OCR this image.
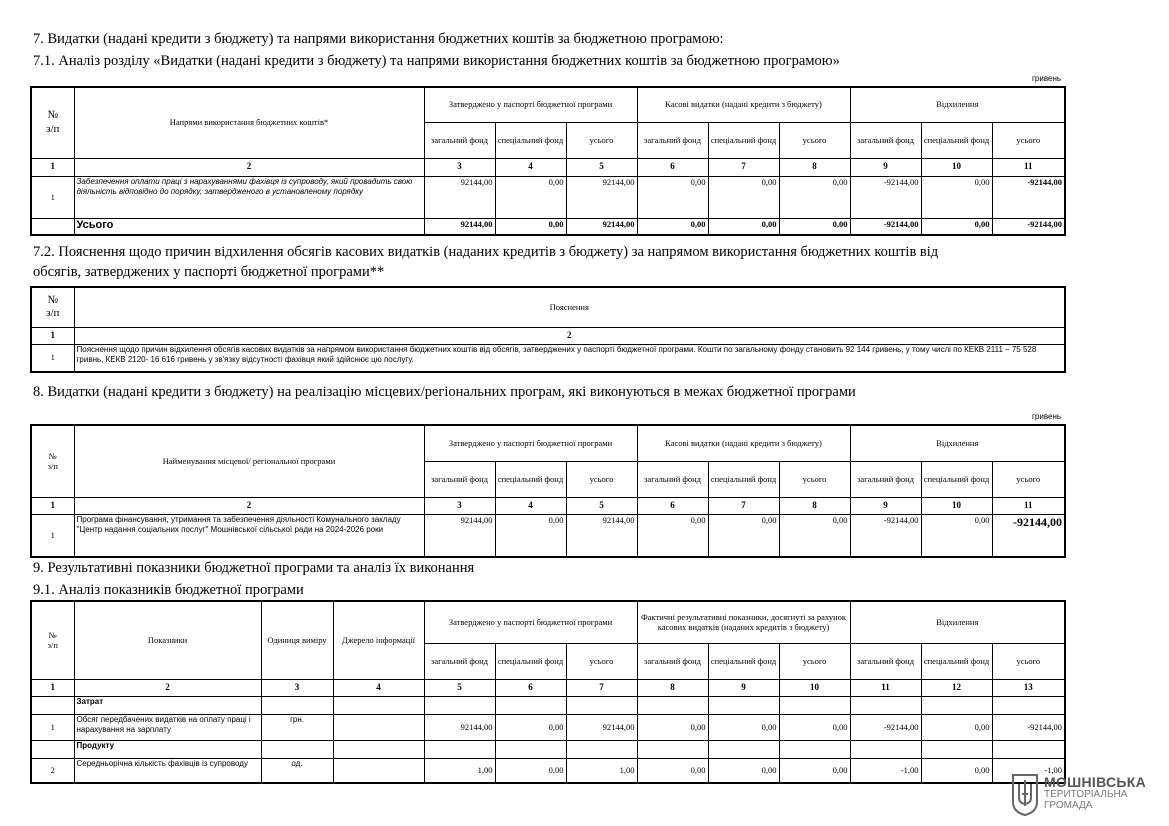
7. Видатки (надані кредити з бюджету) та напрями використання бюджетних коштів за бюджетною програмою:
7.1. Аналіз розділу «Видатки (надані кредити з бюджету) та напрями використання бюджетних коштів за бюджетною програмою»
гривень
№
з/п	Напрями використання бюджетних коштів*	Затверджено у паспорті бюджетної програми			Касові видатки (надані кредити з бюджету)			Відхилення		
		загальний фонд	спеціальний фонд	усього	загальний фонд	спеціальний фонд	усього	загальний фонд	спеціальний фонд	усього
1	2	3	4	5	6	7	8	9	10	11
1	Забезпечення оплати праці з нарахуваннями фахівця із супроводу, який провадить свою діяльність відповідно до порядку, затвердженого в установленому порядку	92144,00	0,00	92144,00	0,00	0,00	0,00	-92144,00	0,00	-92144,00
	Усього	92144,00	0,00	92144,00	0,00	0,00	0,00	-92144,00	0,00	-92144,00
7.2. Пояснення щодо причин відхилення обсягів касових видатків (наданих кредитів з бюджету) за напрямом використання бюджетних коштів від
обсягів, затверджених у паспорті бюджетної програми**
№
з/п	Пояснення
1	2
1	Пояснення щодо причин відхилення обсягів касових видатків за напрямом використання бюджетних коштів від обсягів, затверджених у паспорті бюджетної програми. Кошти по загальному фонду становить 92 144 гривень, у тому числі по КЕКВ 2111 – 75 528 гривнь, КЕКВ 2120- 16 616 гривень у зв'язку відсутності фахівця який здійснює цю послугу.
8. Видатки (надані кредити з бюджету) на реалізацію місцевих/регіональних програм, які виконуються в межах бюджетної програми
гривень
№
з/п	Найменування місцевої/ регіональної програми	Затверджено у паспорті бюджетної програми			Касові видатки (надані кредити з бюджету)			Відхилення		
		загальний фонд	спеціальний фонд	усього	загальний фонд	спеціальний фонд	усього	загальний фонд	спеціальний фонд	усього
1	2	3	4	5	6	7	8	9	10	11
1	Програма фінансування, утримання та забезпечення діяльності Комунального закладу "Центр надання соціальних послуг" Мошнівської сільської ради на 2024-2026 роки	92144,00	0,00	92144,00	0,00	0,00	0,00	-92144,00	0,00	-92144,00
9. Результативні показники бюджетної програми та аналіз їх виконання
9.1. Аналіз показників бюджетної програми
№
з/п	Показники	Одиниця виміру	Джерело інформації	Затверджено у паспорті бюджетної програми			Фактичні результативні показники, досягнуті за рахунок касових видатків (наданих кредитів з бюджету)			Відхилення		
				загальний фонд	спеціальний фонд	усього	загальний фонд	спеціальний фонд	усього	загальний фонд	спеціальний фонд	усього
1	2	3	4	5	6	7	8	9	10	11	12	13
	Затрат											
1	Обсяг передбачених видатків на оплату праці і нарахування на зарплату	грн.		92144,00	0,00	92144,00	0,00	0,00	0,00	-92144,00	0,00	-92144,00
	Продукту											
2	Середньорічна кількість фахівців із супроводу	од.		1,00	0,00	1,00	0,00	0,00	0,00	-1,00	0,00	-1,00
МОШНІВСЬКА
ТЕРИТОРІАЛЬНА
ГРОМАДА
